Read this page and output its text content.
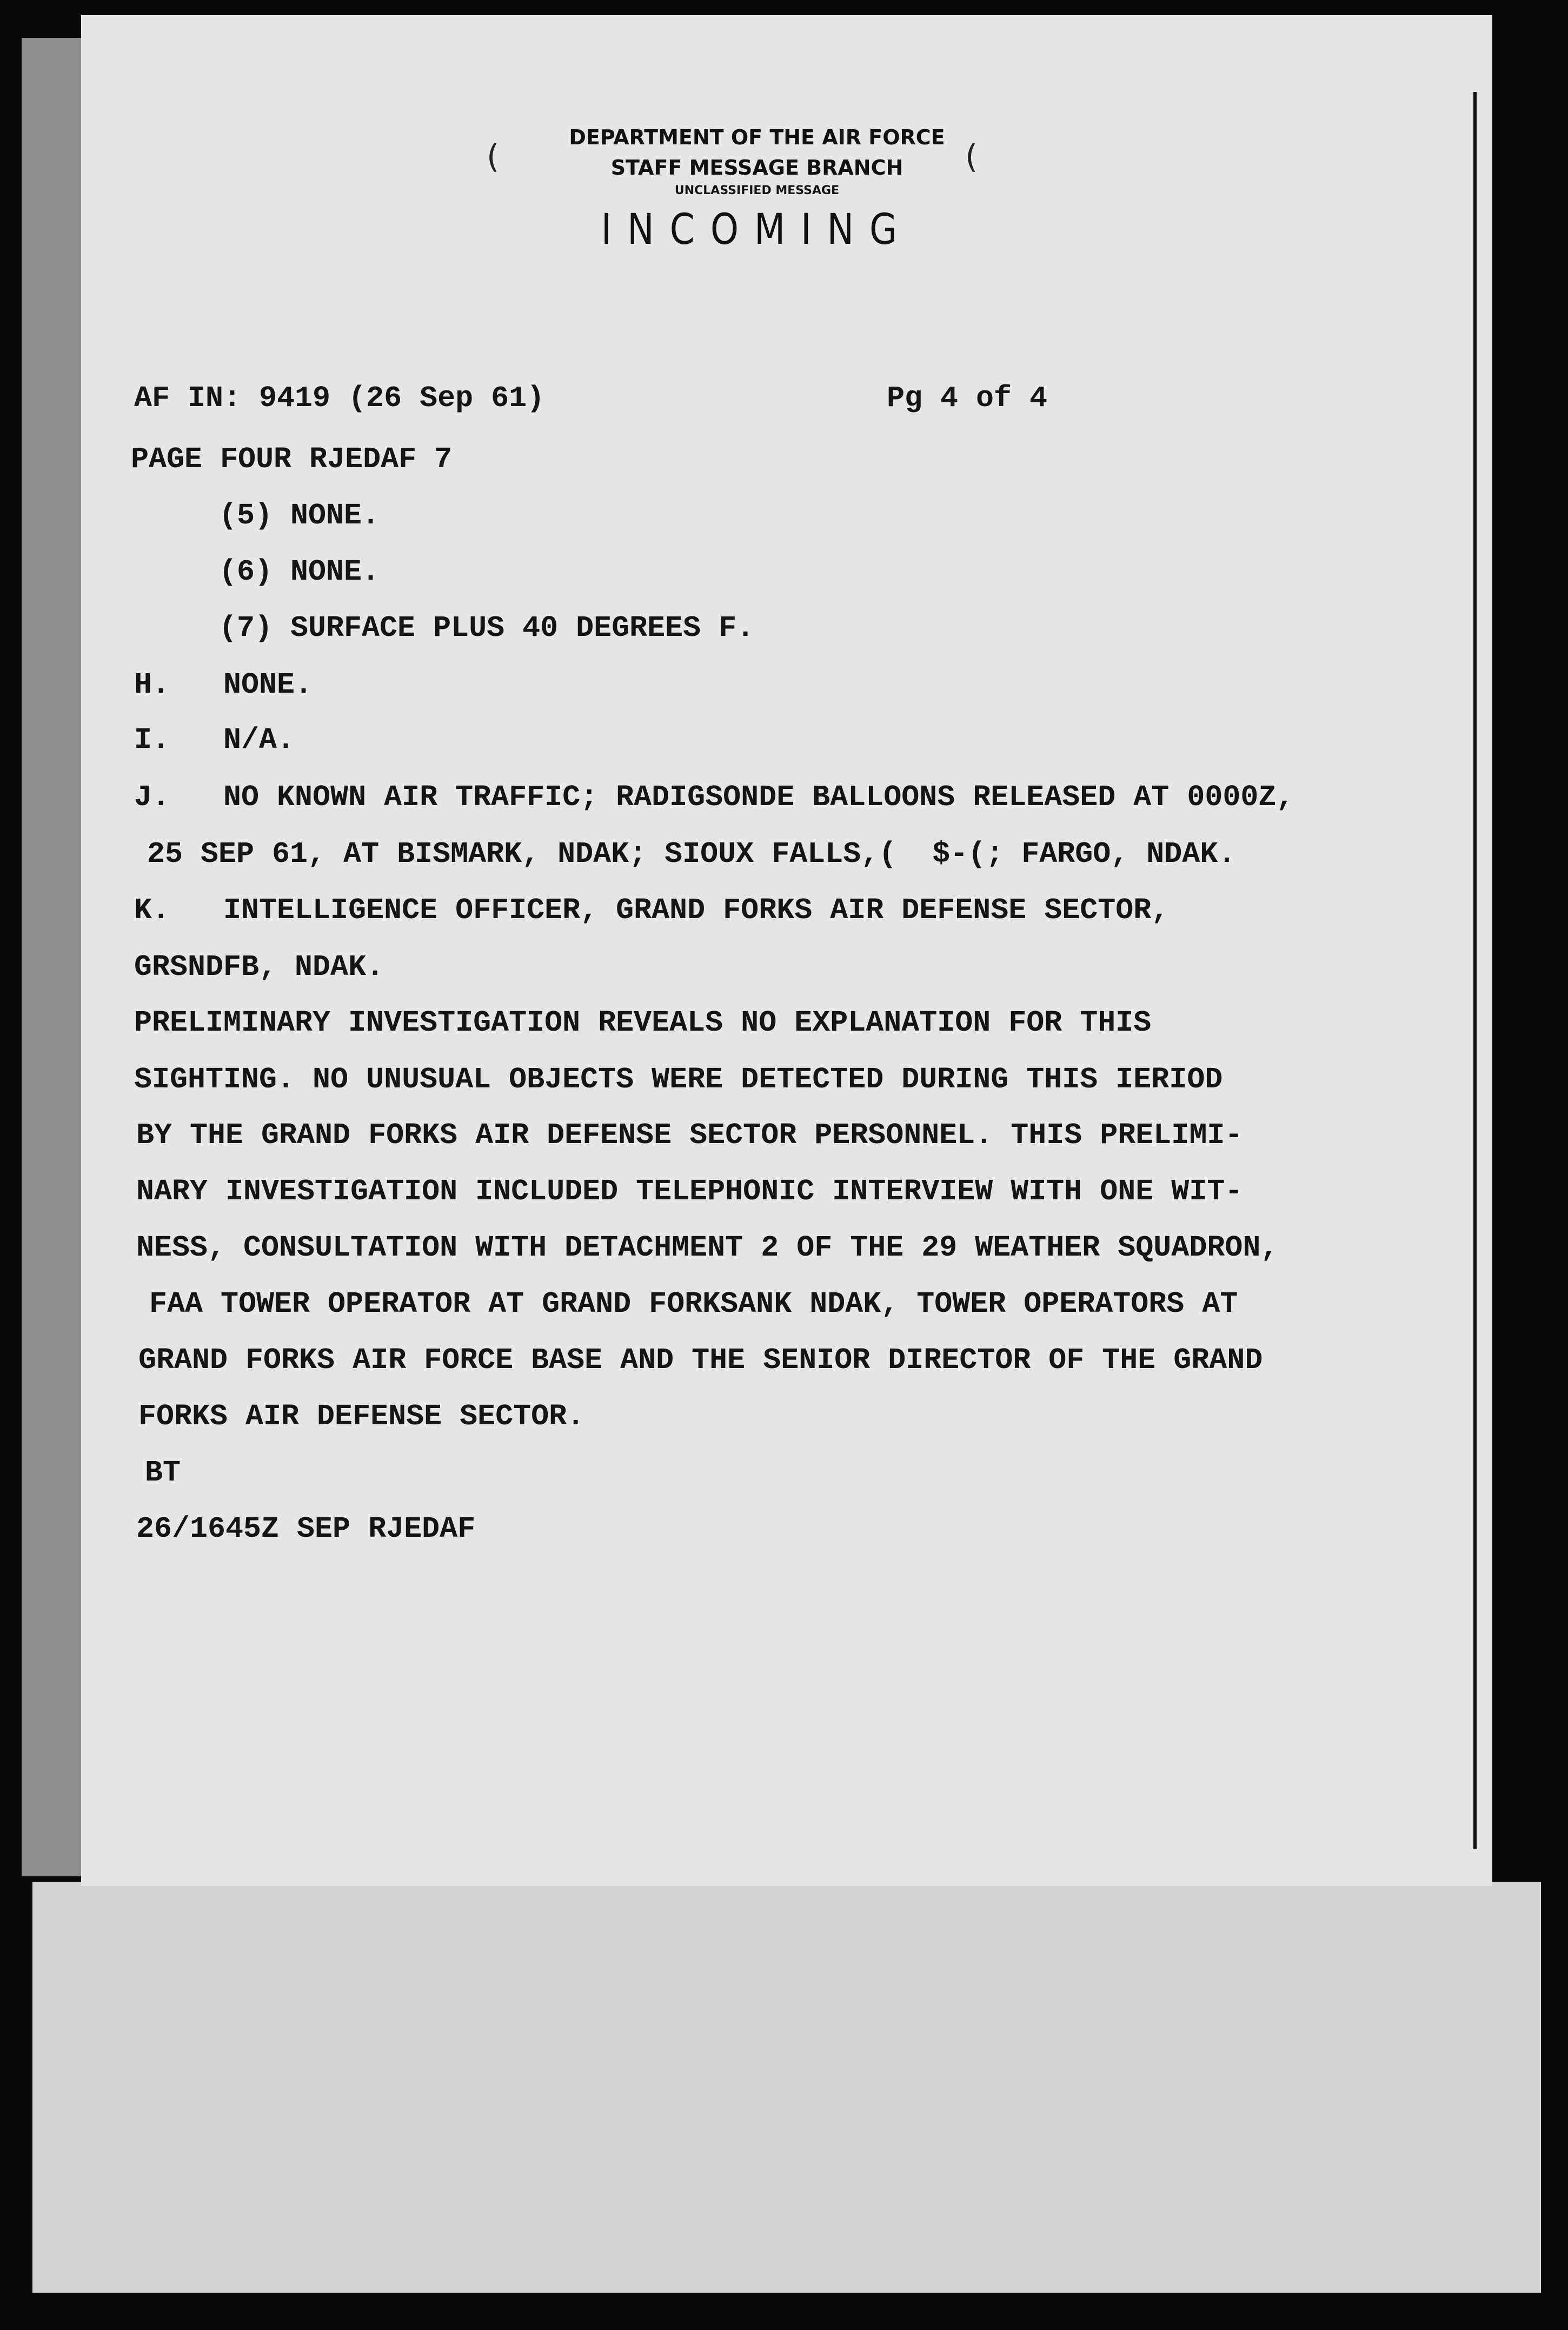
(	(
DEPARTMENT OF THE AIR FORCE
STAFF MESSAGE BRANCH
UNCLASSIFIED MESSAGE
INCOMING
AF IN: 9419 (26 Sep 61)	Pg 4 of 4
PAGE FOUR RJEDAF 7
(5) NONE.
(6) NONE.
(7) SURFACE PLUS 40 DEGREES F.
H.   NONE.
I.   N/A.
J.   NO KNOWN AIR TRAFFIC; RADIGSONDE BALLOONS RELEASED AT 0000Z,
25 SEP 61, AT BISMARK, NDAK; SIOUX FALLS,(  $-(; FARGO, NDAK.
K.   INTELLIGENCE OFFICER, GRAND FORKS AIR DEFENSE SECTOR,
GRSNDFB, NDAK.
PRELIMINARY INVESTIGATION REVEALS NO EXPLANATION FOR THIS
SIGHTING. NO UNUSUAL OBJECTS WERE DETECTED DURING THIS IERIOD
BY THE GRAND FORKS AIR DEFENSE SECTOR PERSONNEL. THIS PRELIMI-
NARY INVESTIGATION INCLUDED TELEPHONIC INTERVIEW WITH ONE WIT-
NESS, CONSULTATION WITH DETACHMENT 2 OF THE 29 WEATHER SQUADRON,
FAA TOWER OPERATOR AT GRAND FORKSANK NDAK, TOWER OPERATORS AT
GRAND FORKS AIR FORCE BASE AND THE SENIOR DIRECTOR OF THE GRAND
FORKS AIR DEFENSE SECTOR.
BT
26/1645Z SEP RJEDAF
